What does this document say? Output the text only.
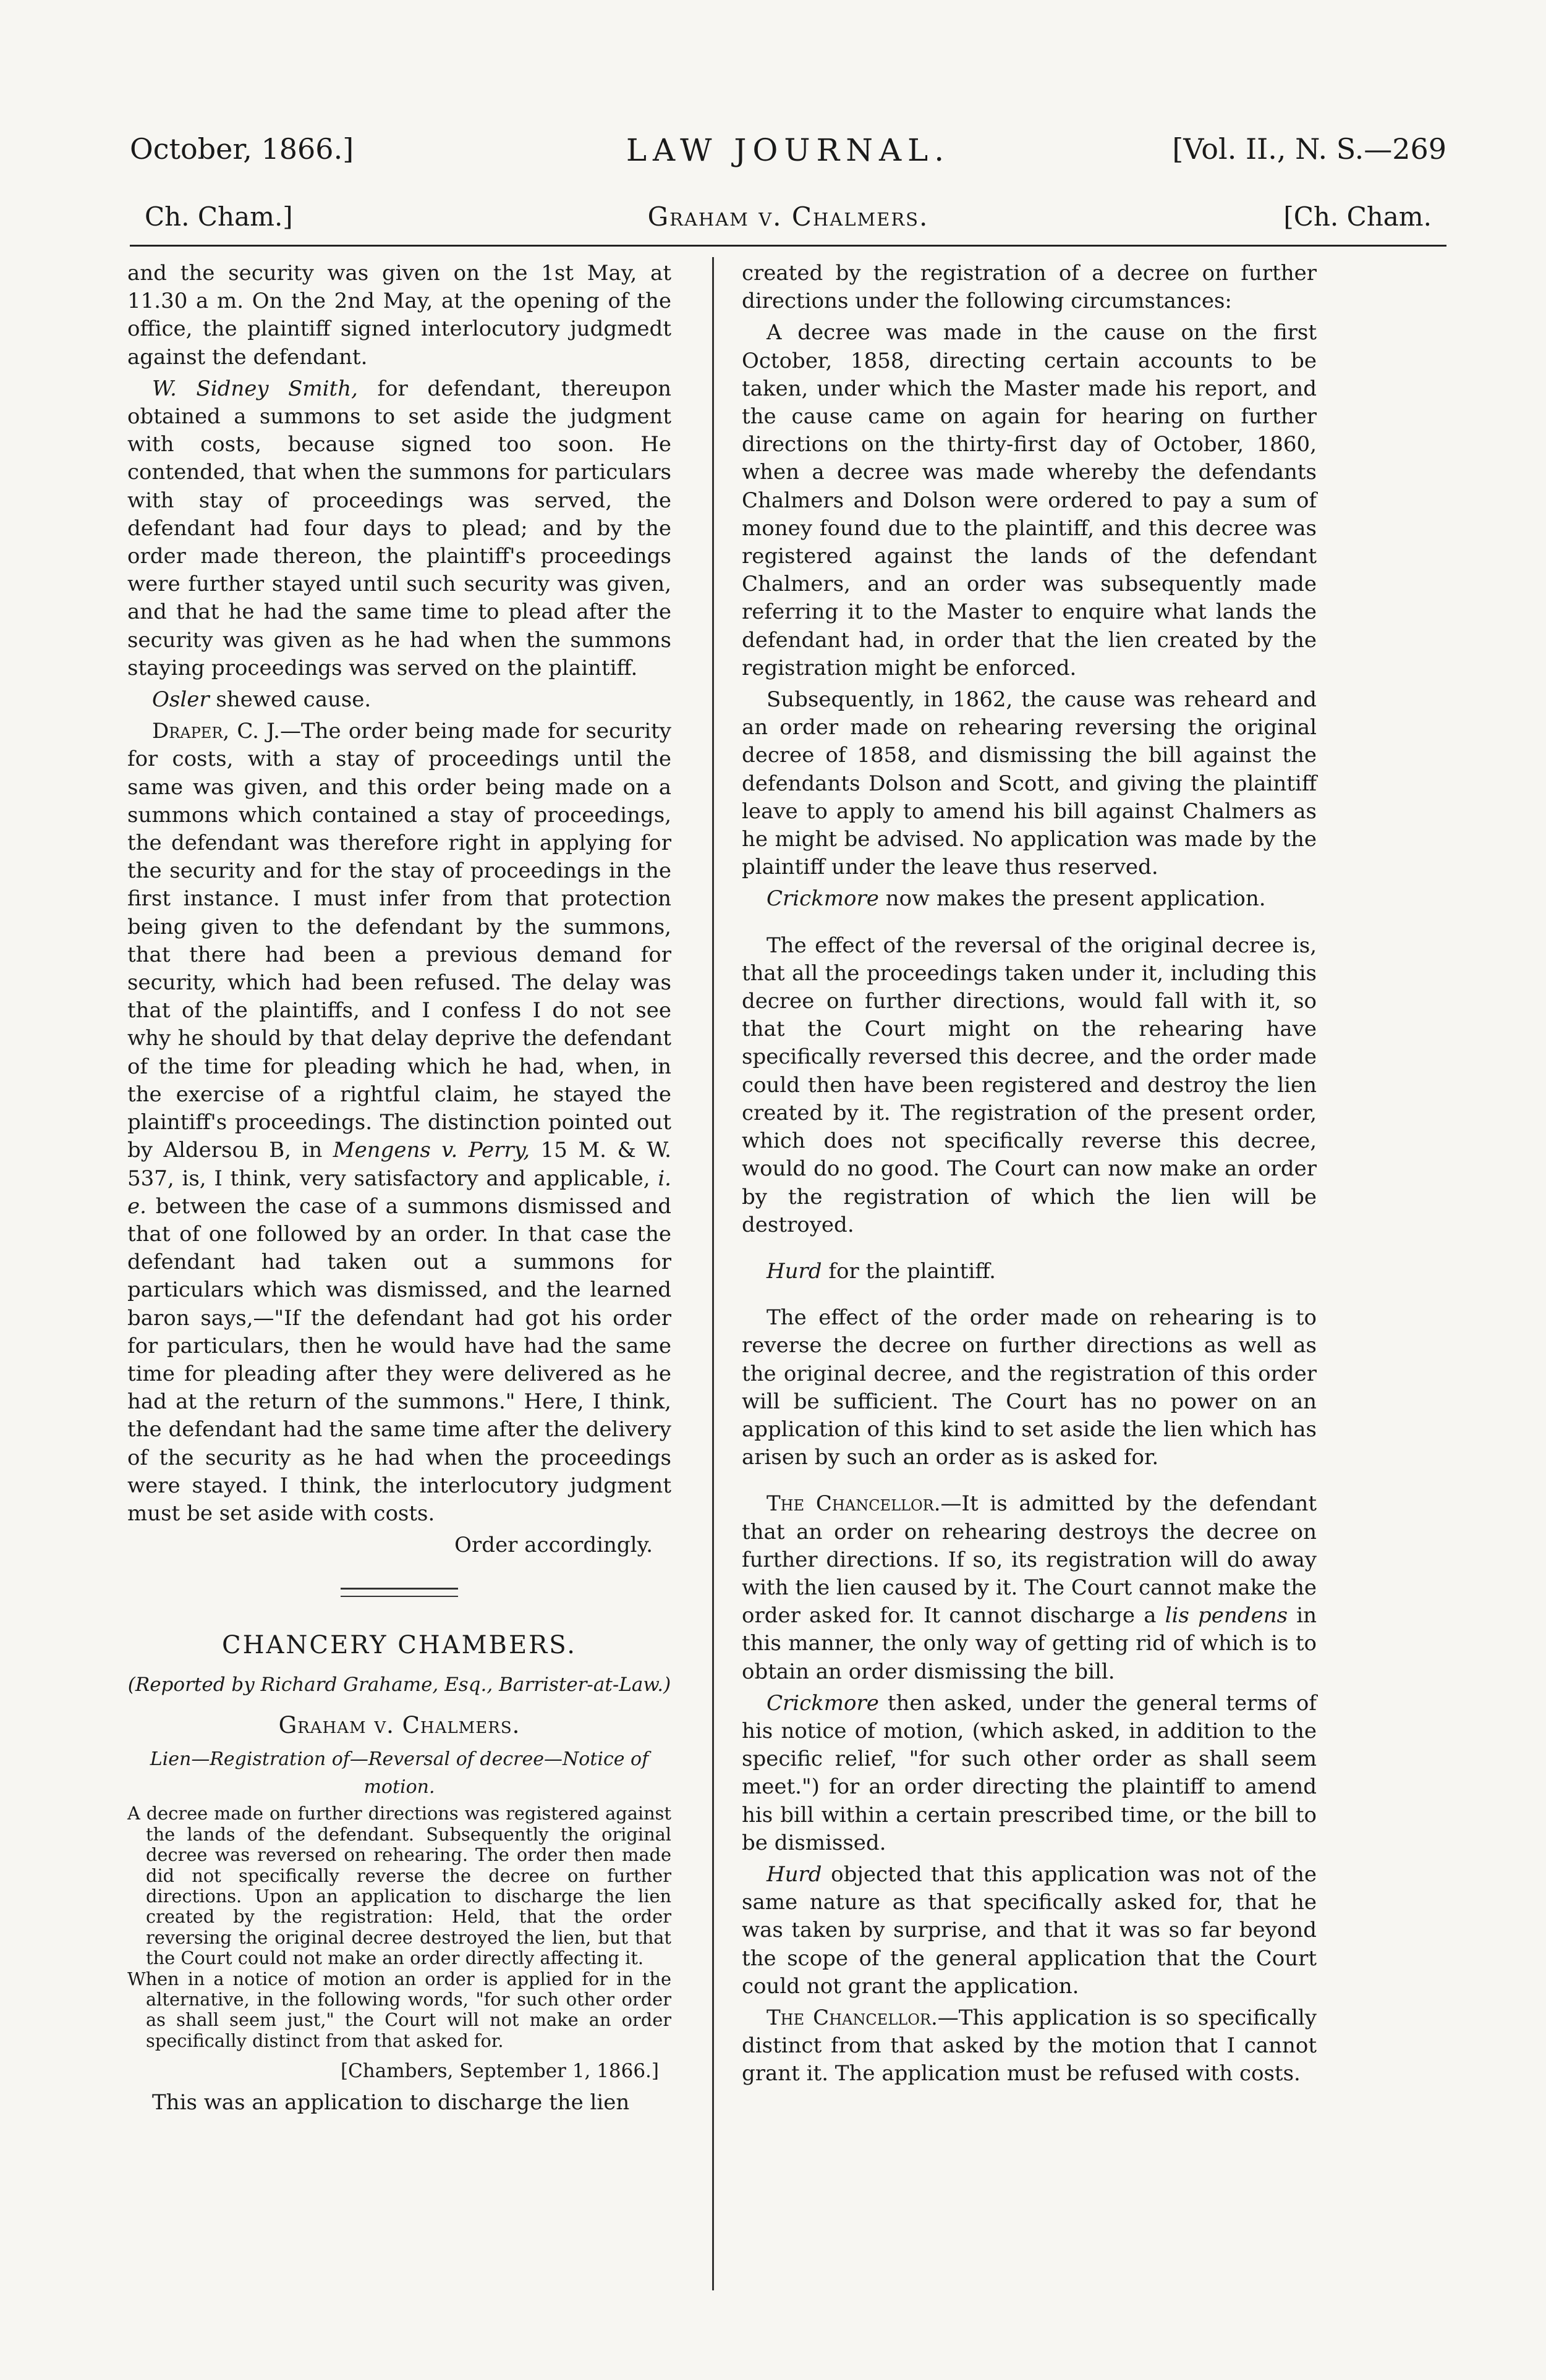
October, 1866.]	LAW JOURNAL.	[Vol. II., N. S.—269
Ch. Cham.]	Graham v. Chalmers.	[Ch. Cham.

and the security was given on the 1st May, at 11.30 a m. On the 2nd May, at the opening of the office, the plaintiff signed interlocutory judgmedt against the defendant.

W. Sidney Smith, for defendant, thereupon obtained a summons to set aside the judgment with costs, because signed too soon. He contended, that when the summons for particulars with stay of proceedings was served, the defendant had four days to plead; and by the order made thereon, the plaintiff's proceedings were further stayed until such security was given, and that he had the same time to plead after the security was given as he had when the summons staying proceedings was served on the plaintiff.

Osler shewed cause.

Draper, C. J.—The order being made for security for costs, with a stay of proceedings until the same was given, and this order being made on a summons which contained a stay of proceedings, the defendant was therefore right in applying for the security and for the stay of proceedings in the first instance. I must infer from that protection being given to the defendant by the summons, that there had been a previous demand for security, which had been refused. The delay was that of the plaintiffs, and I confess I do not see why he should by that delay deprive the defendant of the time for pleading which he had, when, in the exercise of a rightful claim, he stayed the plaintiff's proceedings. The distinction pointed out by Aldersou B, in Mengens v. Perry, 15 M. & W. 537, is, I think, very satisfactory and applicable, i. e. between the case of a summons dismissed and that of one followed by an order. In that case the defendant had taken out a summons for particulars which was dismissed, and the learned baron says,—"If the defendant had got his order for particulars, then he would have had the same time for pleading after they were delivered as he had at the return of the summons." Here, I think, the defendant had the same time after the delivery of the security as he had when the proceedings were stayed. I think, the interlocutory judgment must be set aside with costs.

Order accordingly.

CHANCERY CHAMBERS.
(Reported by Richard Grahame, Esq., Barrister-at-Law.)
Graham v. Chalmers.
Lien—Registration of—Reversal of decree—Notice of motion.

A decree made on further directions was registered against the lands of the defendant. Subsequently the original decree was reversed on rehearing. The order then made did not specifically reverse the decree on further directions. Upon an application to discharge the lien created by the registration: Held, that the order reversing the original decree destroyed the lien, but that the Court could not make an order directly affecting it.

When in a notice of motion an order is applied for in the alternative, in the following words, "for such other order as shall seem just," the Court will not make an order specifically distinct from that asked for.

[Chambers, September 1, 1866.]

This was an application to discharge the lien

created by the registration of a decree on further directions under the following circumstances:

A decree was made in the cause on the first October, 1858, directing certain accounts to be taken, under which the Master made his report, and the cause came on again for hearing on further directions on the thirty-first day of October, 1860, when a decree was made whereby the defendants Chalmers and Dolson were ordered to pay a sum of money found due to the plaintiff, and this decree was registered against the lands of the defendant Chalmers, and an order was subsequently made referring it to the Master to enquire what lands the defendant had, in order that the lien created by the registration might be enforced.

Subsequently, in 1862, the cause was reheard and an order made on rehearing reversing the original decree of 1858, and dismissing the bill against the defendants Dolson and Scott, and giving the plaintiff leave to apply to amend his bill against Chalmers as he might be advised. No application was made by the plaintiff under the leave thus reserved.

Crickmore now makes the present application.

The effect of the reversal of the original decree is, that all the proceedings taken under it, including this decree on further directions, would fall with it, so that the Court might on the rehearing have specifically reversed this decree, and the order made could then have been registered and destroy the lien created by it. The registration of the present order, which does not specifically reverse this decree, would do no good. The Court can now make an order by the registration of which the lien will be destroyed.

Hurd for the plaintiff.

The effect of the order made on rehearing is to reverse the decree on further directions as well as the original decree, and the registration of this order will be sufficient. The Court has no power on an application of this kind to set aside the lien which has arisen by such an order as is asked for.

The Chancellor.—It is admitted by the defendant that an order on rehearing destroys the decree on further directions. If so, its registration will do away with the lien caused by it. The Court cannot make the order asked for. It cannot discharge a lis pendens in this manner, the only way of getting rid of which is to obtain an order dismissing the bill.

Crickmore then asked, under the general terms of his notice of motion, (which asked, in addition to the specific relief, "for such other order as shall seem meet.") for an order directing the plaintiff to amend his bill within a certain prescribed time, or the bill to be dismissed.

Hurd objected that this application was not of the same nature as that specifically asked for, that he was taken by surprise, and that it was so far beyond the scope of the general application that the Court could not grant the application.

The Chancellor.—This application is so specifically distinct from that asked by the motion that I cannot grant it. The application must be refused with costs.
